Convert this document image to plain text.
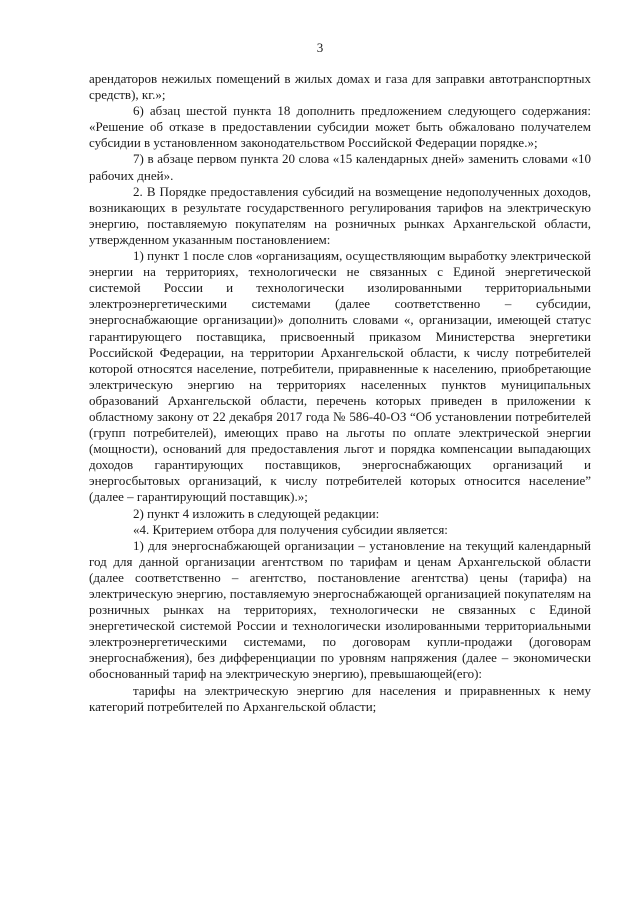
3

арендаторов нежилых помещений в жилых домах и газа для заправки автотранспортных средств), кг.»;

6) абзац шестой пункта 18 дополнить предложением следующего содержания: «Решение об отказе в предоставлении субсидии может быть обжаловано получателем субсидии в установленном законодательством Российской Федерации порядке.»;

7) в абзаце первом пункта 20 слова «15 календарных дней» заменить словами «10 рабочих дней».

2. В Порядке предоставления субсидий на возмещение недополученных доходов, возникающих в результате государственного регулирования тарифов на электрическую энергию, поставляемую покупателям на розничных рынках Архангельской области, утвержденном указанным постановлением:

1) пункт 1 после слов «организациям, осуществляющим выработку электрической энергии на территориях, технологически не связанных с Единой энергетической системой России и технологически изолированными территориальными электроэнергетическими системами (далее соответственно – субсидии, энергоснабжающие организации)» дополнить словами «, организации, имеющей статус гарантирующего поставщика, присвоенный приказом Министерства энергетики Российской Федерации, на территории Архангельской области, к числу потребителей которой относятся население, потребители, приравненные к населению, приобретающие электрическую энергию на территориях населенных пунктов муниципальных образований Архангельской области, перечень которых приведен в приложении к областному закону от 22 декабря 2017 года № 586-40-ОЗ “Об установлении потребителей (групп потребителей), имеющих право на льготы по оплате электрической энергии (мощности), оснований для предоставления льгот и порядка компенсации выпадающих доходов гарантирующих поставщиков, энергоснабжающих организаций и энергосбытовых организаций, к числу потребителей которых относится население” (далее – гарантирующий поставщик).»;

2) пункт 4 изложить в следующей редакции:

«4. Критерием отбора для получения субсидии является:

1) для энергоснабжающей организации – установление на текущий календарный год для данной организации агентством по тарифам и ценам Архангельской области (далее соответственно – агентство, постановление агентства) цены (тарифа) на электрическую энергию, поставляемую энергоснабжающей организацией покупателям на розничных рынках на территориях, технологически не связанных с Единой энергетической системой России и технологически изолированными территориальными электроэнергетическими системами, по договорам купли-продажи (договорам энергоснабжения), без дифференциации по уровням напряжения (далее – экономически обоснованный тариф на электрическую энергию), превышающей(его):

тарифы на электрическую энергию для населения и приравненных к нему категорий потребителей по Архангельской области;
